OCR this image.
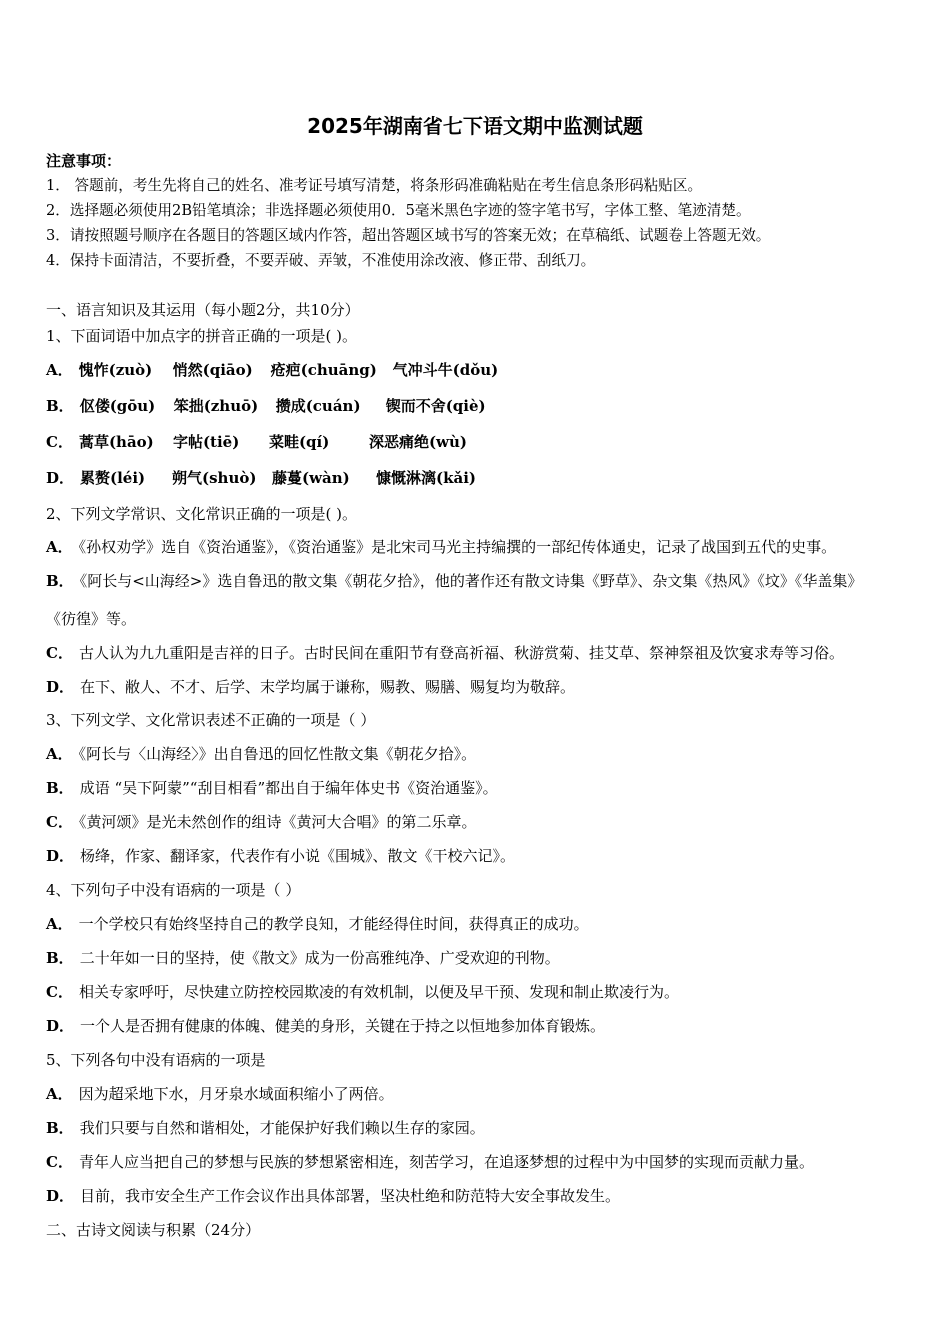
2025年湖南省七下语文期中监测试题
注意事项：
1． 答题前，考生先将自己的姓名、准考证号填写清楚，将条形码准确粘贴在考生信息条形码粘贴区。
2．选择题必须使用2B铅笔填涂；非选择题必须使用0．5毫米黑色字迹的签字笔书写，字体工整、笔迹清楚。
3．请按照题号顺序在各题目的答题区域内作答，超出答题区域书写的答案无效；在草稿纸、试题卷上答题无效。
4．保持卡面清洁，不要折叠，不要弄破、弄皱，不准使用涂改液、修正带、刮纸刀。
一、语言知识及其运用（每小题2分，共10分）
1、下面词语中加点字的拼音正确的一项是( )。
A． 愧怍(zuò) 悄然(qiāo) 疮疤(chuāng) 气冲斗牛(dǒu)
B． 伛偻(gōu) 笨拙(zhuō) 攒成(cuán) 锲而不舍(qiè)
C． 蒿草(hāo) 字帖(tiē) 菜畦(qí)	深恶痛绝(wù)
D． 累赘(léi) 朔气(shuò) 藤蔓(wàn) 慷慨淋漓(kǎi)
2、下列文学常识、文化常识正确的一项是( )。
A． 《孙权劝学》选自《资治通鉴》，《资治通鉴》是北宋司马光主持编撰的一部纪传体通史，记录了战国到五代的史事。
B． 《阿长与<山海经>》选自鲁迅的散文集《朝花夕拾》，他的著作还有散文诗集《野草》、杂文集《热风》《坟》《华盖集》
《彷徨》等。
C． 古人认为九九重阳是吉祥的日子。古时民间在重阳节有登高祈福、秋游赏菊、挂艾草、祭神祭祖及饮宴求寿等习俗。
D． 在下、敝人、不才、后学、末学均属于谦称，赐教、赐膳、赐复均为敬辞。
3、下列文学、文化常识表述不正确的一项是（ ）
A． 《阿长与〈山海经〉》出自鲁迅的回忆性散文集《朝花夕拾》。
B． 成语 “吴下阿蒙”“刮目相看”都出自于编年体史书《资治通鉴》。
C． 《黄河颂》是光未然创作的组诗《黄河大合唱》的第二乐章。
D． 杨绛，作家、翻译家，代表作有小说《围城》、散文《干校六记》。
4、下列句子中没有语病的一项是（ ）
A． 一个学校只有始终坚持自己的教学良知，才能经得住时间，获得真正的成功。
B． 二十年如一日的坚持，使《散文》成为一份高雅纯净、广受欢迎的刊物。
C． 相关专家呼吁，尽快建立防控校园欺凌的有效机制，以便及早干预、发现和制止欺凌行为。
D． 一个人是否拥有健康的体魄、健美的身形，关键在于持之以恒地参加体育锻炼。
5、下列各句中没有语病的一项是
A． 因为超采地下水，月牙泉水域面积缩小了两倍。
B． 我们只要与自然和谐相处，才能保护好我们赖以生存的家园。
C． 青年人应当把自己的梦想与民族的梦想紧密相连，刻苦学习，在追逐梦想的过程中为中国梦的实现而贡献力量。
D． 目前，我市安全生产工作会议作出具体部署，坚决杜绝和防范特大安全事故发生。
二、古诗文阅读与积累（24分）
